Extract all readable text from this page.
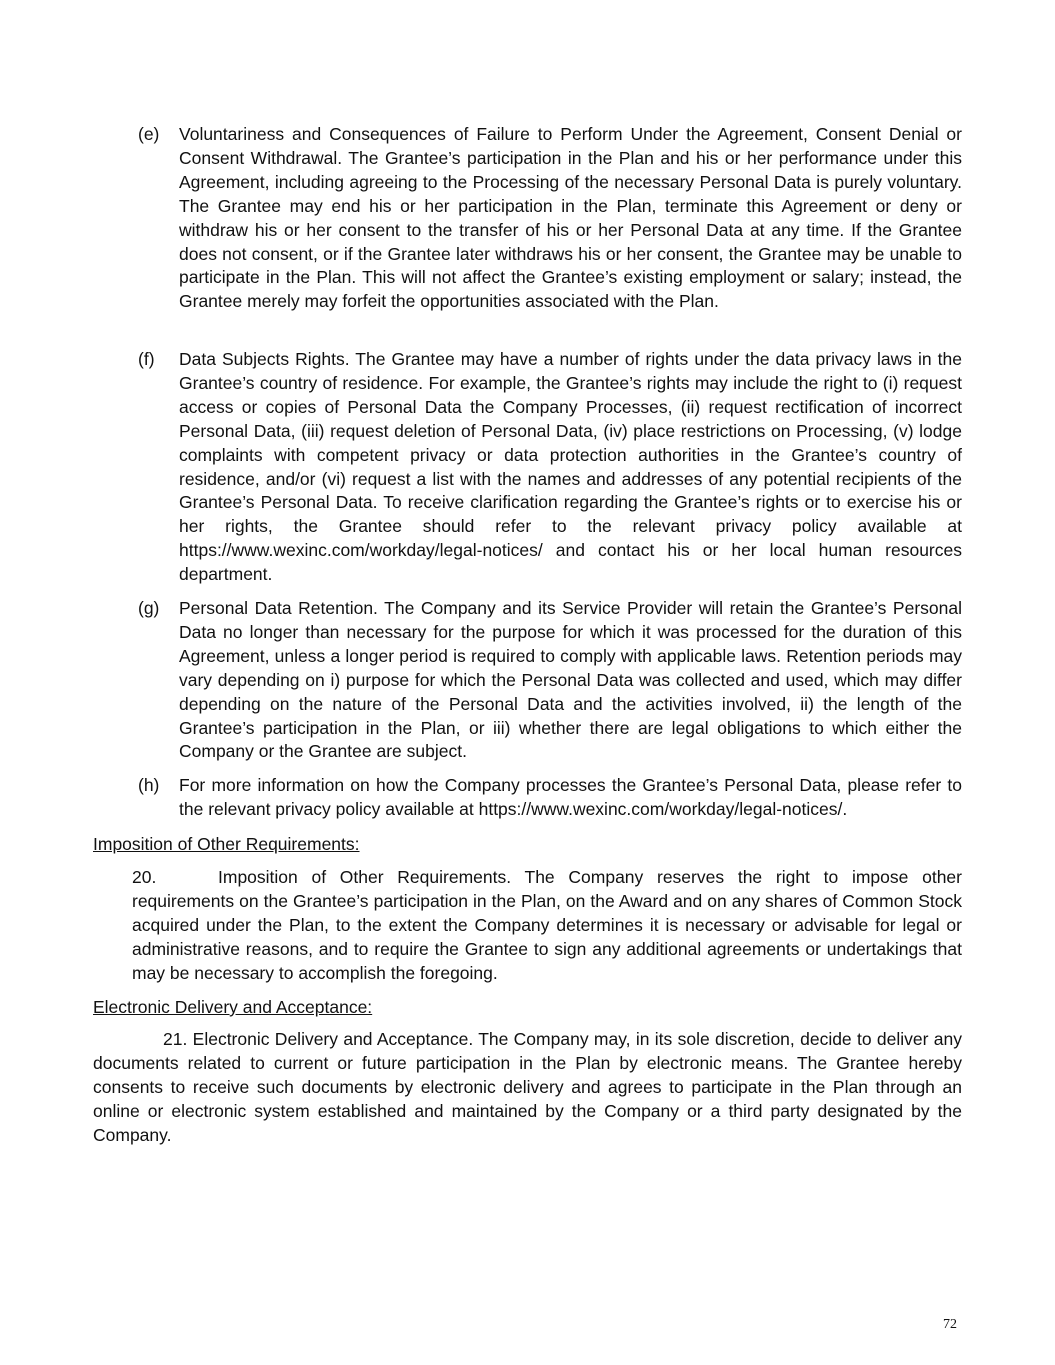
(e) Voluntariness and Consequences of Failure to Perform Under the Agreement, Consent Denial or Consent Withdrawal. The Grantee’s participation in the Plan and his or her performance under this Agreement, including agreeing to the Processing of the necessary Personal Data is purely voluntary. The Grantee may end his or her participation in the Plan, terminate this Agreement or deny or withdraw his or her consent to the transfer of his or her Personal Data at any time. If the Grantee does not consent, or if the Grantee later withdraws his or her consent, the Grantee may be unable to participate in the Plan. This will not affect the Grantee’s existing employment or salary; instead, the Grantee merely may forfeit the opportunities associated with the Plan.
(f) Data Subjects Rights. The Grantee may have a number of rights under the data privacy laws in the Grantee’s country of residence. For example, the Grantee’s rights may include the right to (i) request access or copies of Personal Data the Company Processes, (ii) request rectification of incorrect Personal Data, (iii) request deletion of Personal Data, (iv) place restrictions on Processing, (v) lodge complaints with competent privacy or data protection authorities in the Grantee’s country of residence, and/or (vi) request a list with the names and addresses of any potential recipients of the Grantee’s Personal Data. To receive clarification regarding the Grantee’s rights or to exercise his or her rights, the Grantee should refer to the relevant privacy policy available at https://www.wexinc.com/workday/legal-notices/ and contact his or her local human resources department.
(g) Personal Data Retention. The Company and its Service Provider will retain the Grantee’s Personal Data no longer than necessary for the purpose for which it was processed for the duration of this Agreement, unless a longer period is required to comply with applicable laws. Retention periods may vary depending on i) purpose for which the Personal Data was collected and used, which may differ depending on the nature of the Personal Data and the activities involved, ii) the length of the Grantee’s participation in the Plan, or iii) whether there are legal obligations to which either the Company or the Grantee are subject.
(h) For more information on how the Company processes the Grantee’s Personal Data, please refer to the relevant privacy policy available at https://www.wexinc.com/workday/legal-notices/.
Imposition of Other Requirements:
20.	Imposition of Other Requirements. The Company reserves the right to impose other requirements on the Grantee’s participation in the Plan, on the Award and on any shares of Common Stock acquired under the Plan, to the extent the Company determines it is necessary or advisable for legal or administrative reasons, and to require the Grantee to sign any additional agreements or undertakings that may be necessary to accomplish the foregoing.
Electronic Delivery and Acceptance:
21. Electronic Delivery and Acceptance. The Company may, in its sole discretion, decide to deliver any documents related to current or future participation in the Plan by electronic means. The Grantee hereby consents to receive such documents by electronic delivery and agrees to participate in the Plan through an online or electronic system established and maintained by the Company or a third party designated by the Company.
72
